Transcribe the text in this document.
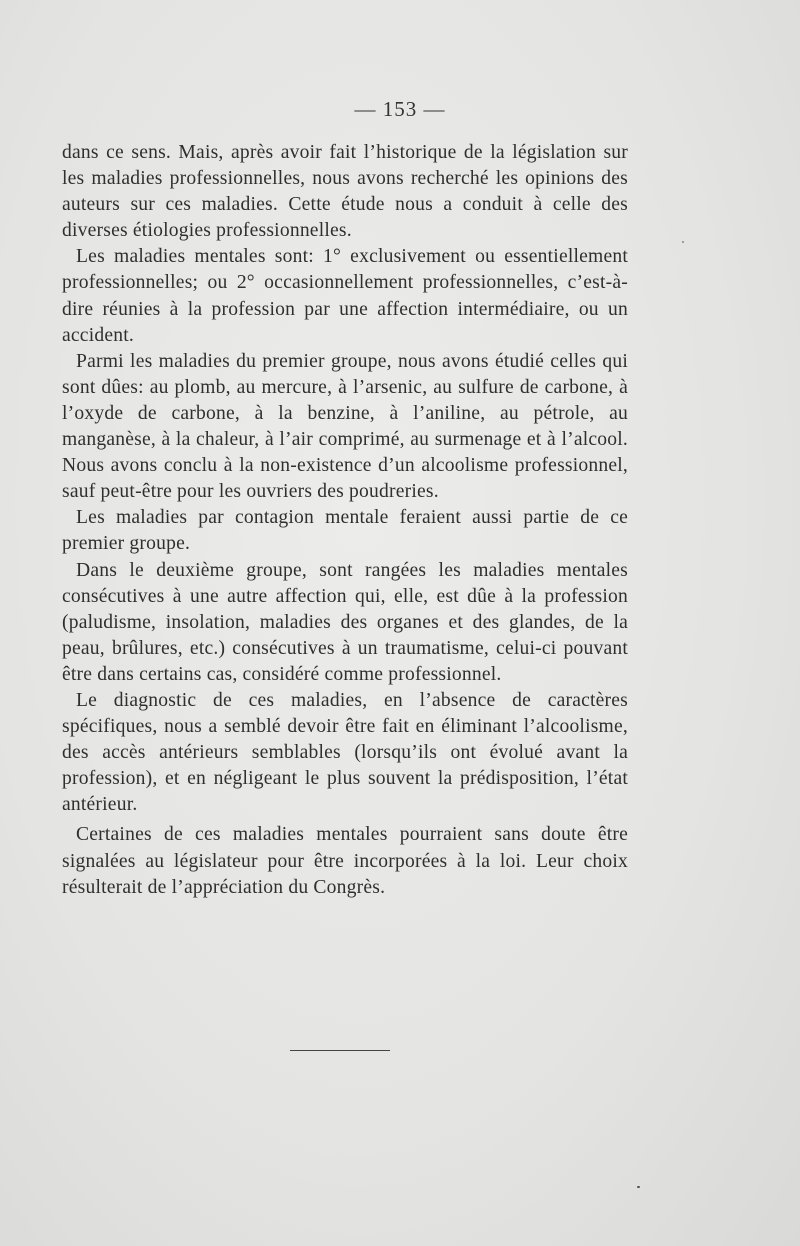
— 153 —

dans ce sens. Mais, après avoir fait l’historique de la législation sur les maladies professionnelles, nous avons recherché les opinions des auteurs sur ces maladies. Cette étude nous a conduit à celle des diverses étiologies professionnelles.

Les maladies mentales sont: 1° exclusivement ou essentiellement professionnelles; ou 2° occasionnellement professionnelles, c’est-à-dire réunies à la profession par une affection intermédiaire, ou un accident.

Parmi les maladies du premier groupe, nous avons étudié celles qui sont dûes: au plomb, au mercure, à l’arsenic, au sulfure de carbone, à l’oxyde de carbone, à la benzine, à l’aniline, au pétrole, au manganèse, à la chaleur, à l’air comprimé, au surmenage et à l’alcool. Nous avons conclu à la non-existence d’un alcoolisme professionnel, sauf peut-être pour les ouvriers des poudreries.

Les maladies par contagion mentale feraient aussi partie de ce premier groupe.

Dans le deuxième groupe, sont rangées les maladies mentales consécutives à une autre affection qui, elle, est dûe à la profession (paludisme, insolation, maladies des organes et des glandes, de la peau, brûlures, etc.) consécutives à un traumatisme, celui-ci pouvant être dans certains cas, considéré comme professionnel.

Le diagnostic de ces maladies, en l’absence de caractères spécifiques, nous a semblé devoir être fait en éliminant l’alcoolisme, des accès antérieurs semblables (lorsqu’ils ont évolué avant la profession), et en négligeant le plus souvent la prédisposition, l’état antérieur.

Certaines de ces maladies mentales pourraient sans doute être signalées au législateur pour être incorporées à la loi. Leur choix résulterait de l’appréciation du Congrès.
